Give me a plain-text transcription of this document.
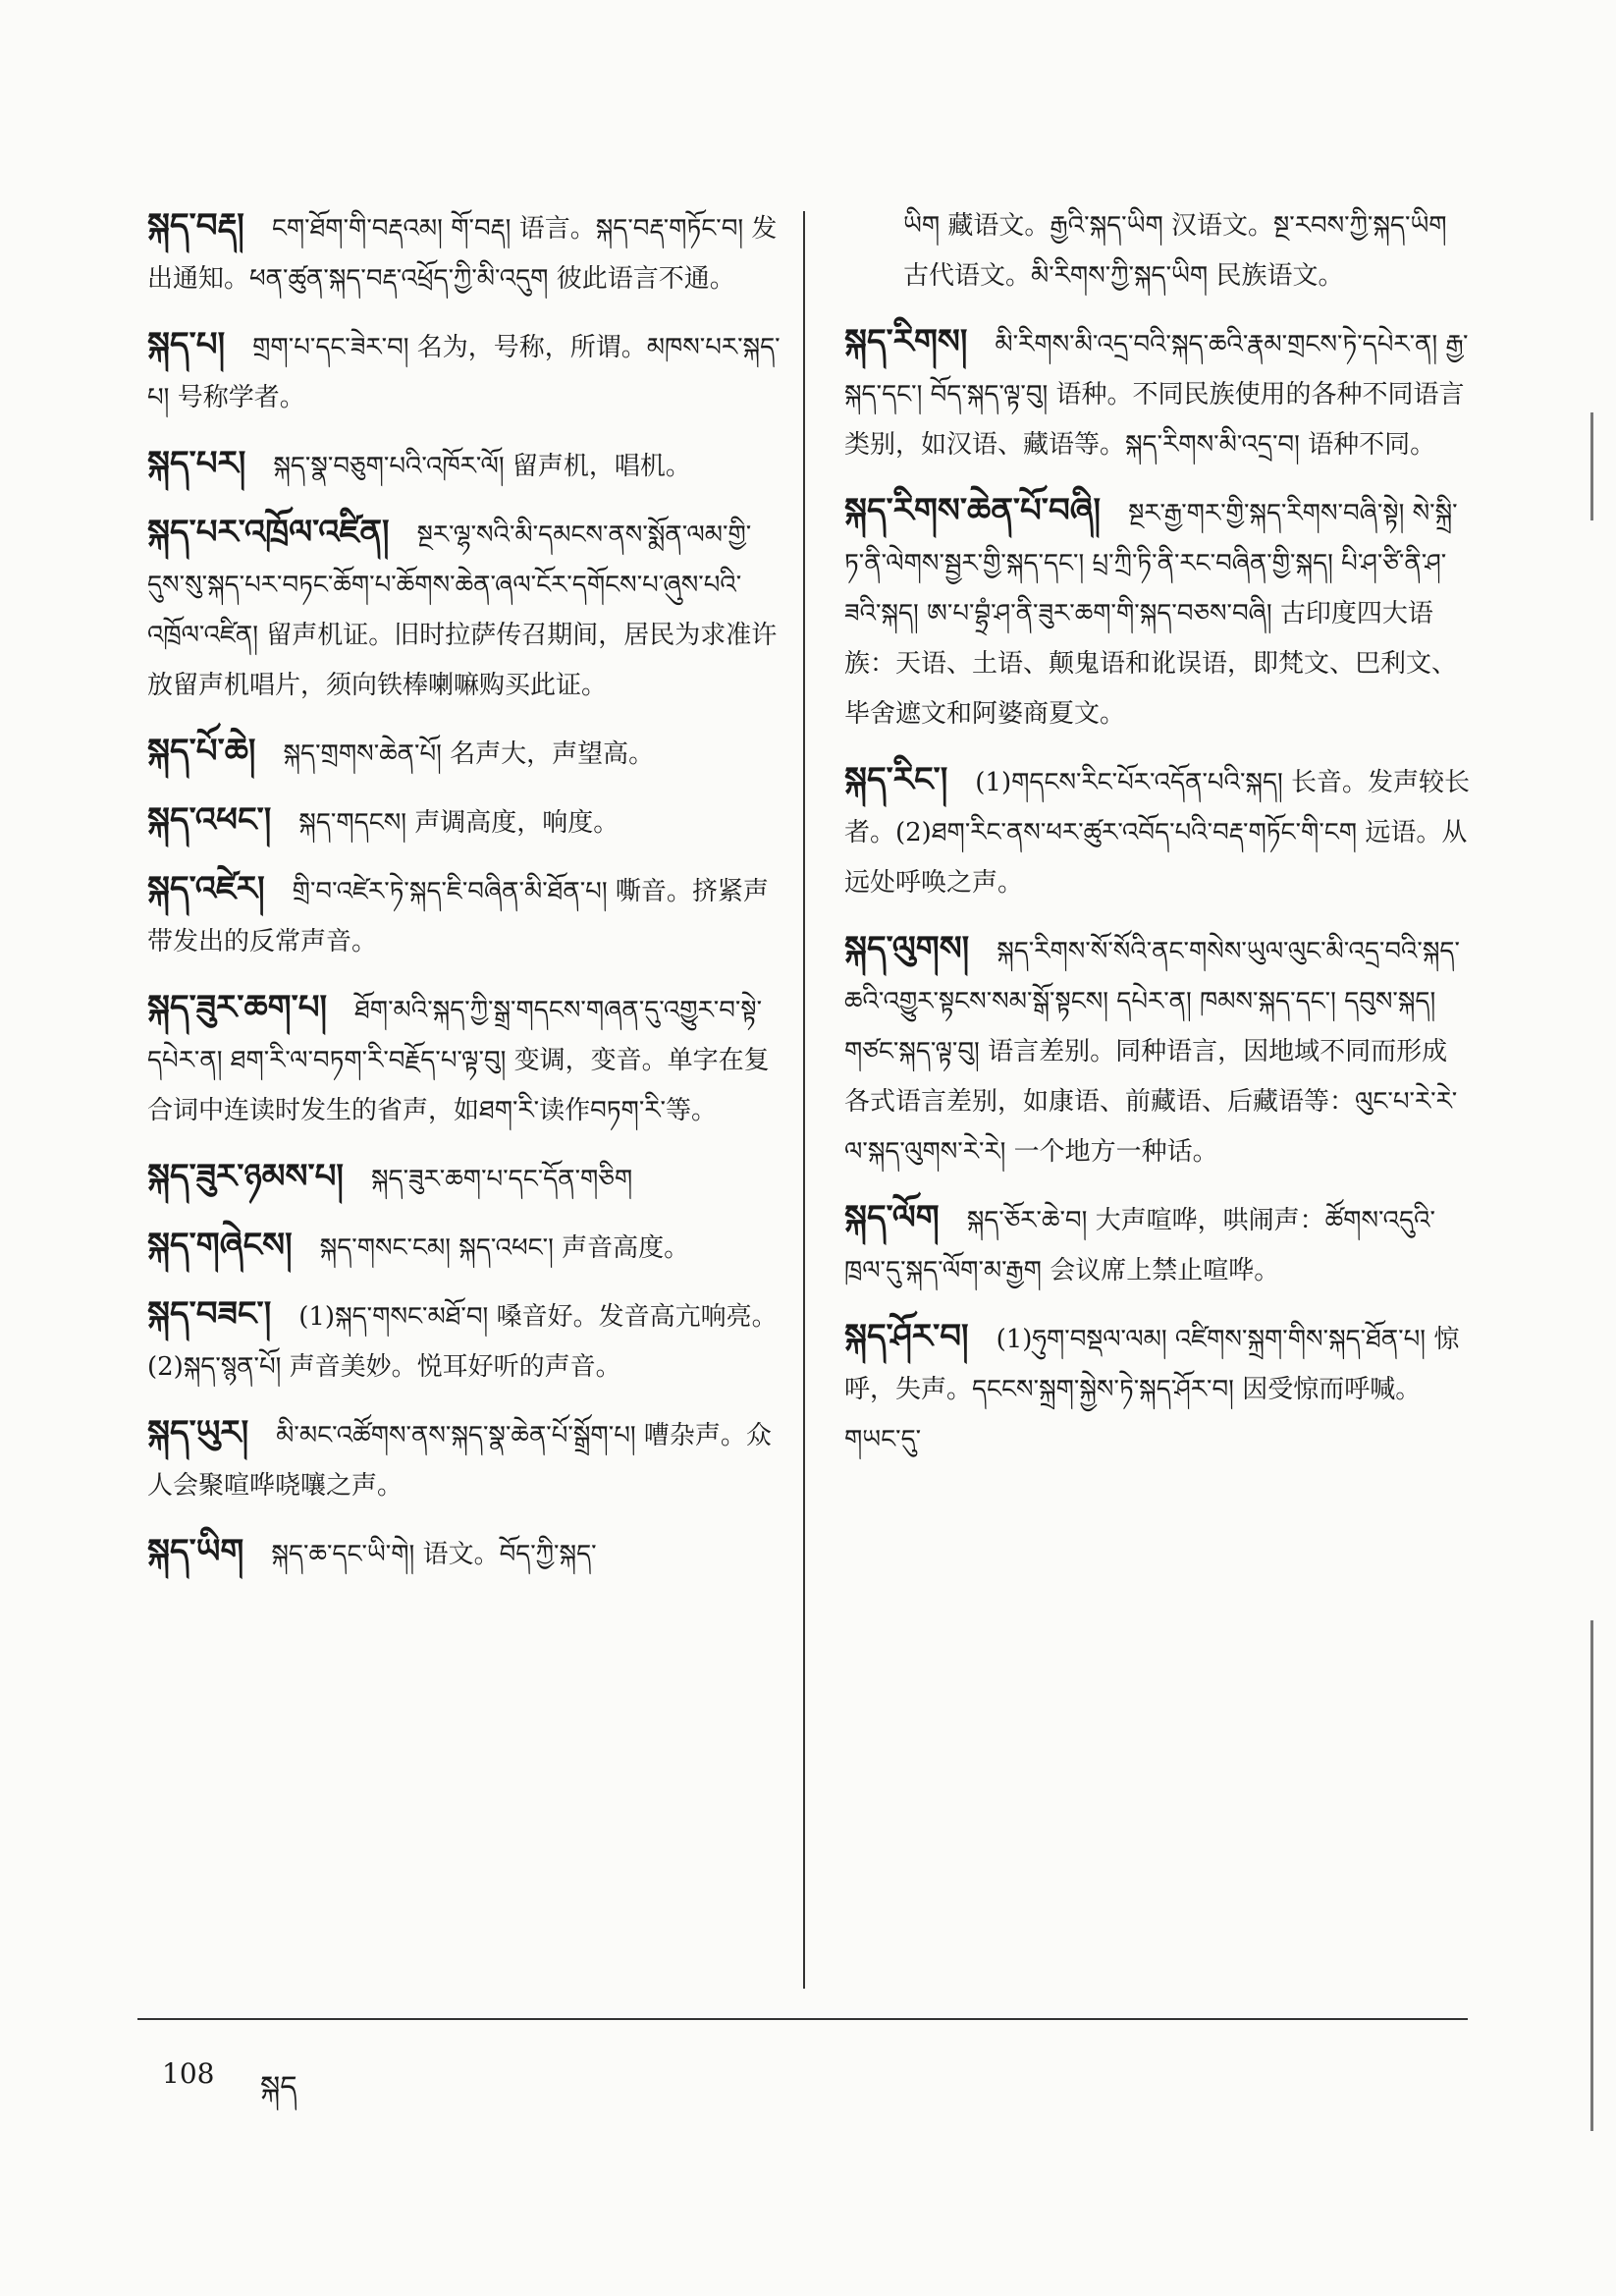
སྐད་བརྡ། ངག་ཐོག་གི་བརྡའམ། གོ་བརྡ། 语言。སྐད་བརྡ་གཏོང་བ། 发出通知。ཕན་ཚུན་སྐད་བརྡ་འཕྲོད་ཀྱི་མི་འདུག 彼此语言不通。

སྐད་པ། གྲག་པ་དང་ཟེར་བ། 名为，号称，所谓。མཁས་པར་སྐད་པ། 号称学者。

སྐད་པར། སྐད་སྣ་བཅུག་པའི་འཁོར་ལོ། 留声机，唱机。

སྐད་པར་འཁྲོལ་འཛིན། སྔར་ལྷ་སའི་མི་དམངས་ནས་སྨོན་ལམ་གྱི་དུས་སུ་སྐད་པར་བཏང་ཆོག་པ་ཆོགས་ཆེན་ཞལ་ངོར་དགོངས་པ་ཞུས་པའི་འཁྲོལ་འཛིན། 留声机证。旧时拉萨传召期间，居民为求准许放留声机唱片，须向铁棒喇嘛购买此证。

སྐད་པོ་ཆེ། སྐད་གྲགས་ཆེན་པོ། 名声大，声望高。

སྐད་འཕང་། སྐད་གདངས། 声调高度，响度。

སྐད་འཛེར། གྲི་བ་འཛེར་ཏེ་སྐད་ཇི་བཞིན་མི་ཐོན་པ། 嘶音。挤紧声带发出的反常声音。

སྐད་ཟུར་ཆག་པ། ཐོག་མའི་སྐད་ཀྱི་སྒྲ་གདངས་གཞན་དུ་འགྱུར་བ་སྟེ་དཔེར་ན། ཐག་རི་ལ་བཏག་རི་བརྗོད་པ་ལྟ་བུ། 变调，变音。单字在复合词中连读时发生的省声，如ཐག་རི་读作བཏག་རི་等。

སྐད་ཟུར་ཉམས་པ། སྐད་ཟུར་ཆག་པ་དང་དོན་གཅིག

སྐད་གཞེངས། སྐད་གསང་ངམ། སྐད་འཕང་། 声音高度。

སྐད་བཟང་། (1)སྐད་གསང་མཐོ་བ། 嗓音好。发音高亢响亮。(2)སྐད་སྙན་པོ། 声音美妙。悦耳好听的声音。

སྐད་ཡུར། མི་མང་འཚོགས་ནས་སྐད་སྣ་ཆེན་པོ་སྒྲོག་པ། 嘈杂声。众人会聚喧哗哓嚷之声。

སྐད་ཡིག སྐད་ཆ་དང་ཡི་གེ། 语文。བོད་ཀྱི་སྐད་

ཡིག 藏语文。རྒྱའི་སྐད་ཡིག 汉语文。སྔ་རབས་ཀྱི་སྐད་ཡིག 古代语文。མི་རིགས་ཀྱི་སྐད་ཡིག 民族语文。

སྐད་རིགས། མི་རིགས་མི་འདྲ་བའི་སྐད་ཆའི་རྣམ་གྲངས་ཏེ་དཔེར་ན། རྒྱ་སྐད་དང་། བོད་སྐད་ལྟ་བུ། 语种。不同民族使用的各种不同语言类别，如汉语、藏语等。སྐད་རིགས་མི་འདྲ་བ། 语种不同。

སྐད་རིགས་ཆེན་པོ་བཞི། སྔར་རྒྱ་གར་གྱི་སྐད་རིགས་བཞི་སྟེ། སེ་སྐྲི་ཏ་ནི་ལེགས་སྦྱར་གྱི་སྐད་དང་། པྲ་ཀྲི་ཏི་ནི་རང་བཞིན་གྱི་སྐད། པི་ཤ་ཙི་ནི་ཤ་ཟའི་སྐད། ཨ་པ་བྷྲཾ་ཤ་ནི་ཟུར་ཆག་གི་སྐད་བཅས་བཞི། 古印度四大语族：天语、土语、颠鬼语和讹误语，即梵文、巴利文、毕舍遮文和阿婆商夏文。

སྐད་རིང་། (1)གདངས་རིང་པོར་འདོན་པའི་སྐད། 长音。发声较长者。(2)ཐག་རིང་ནས་ཕར་ཚུར་འབོད་པའི་བརྡ་གཏོང་གི་ངག 远语。从远处呼唤之声。

སྐད་ལུགས། སྐད་རིགས་སོ་སོའི་ནང་གསེས་ཡུལ་ལུང་མི་འདྲ་བའི་སྐད་ཆའི་འགྱུར་སྟངས་སམ་སྒོ་སྟངས། དཔེར་ན། ཁམས་སྐད་དང་། དབུས་སྐད། གཙང་སྐད་ལྟ་བུ། 语言差别。同种语言，因地域不同而形成各式语言差别，如康语、前藏语、后藏语等：ལུང་པ་རེ་རེ་ལ་སྐད་ལུགས་རེ་རེ། 一个地方一种话。

སྐད་ལོག སྐད་ཅོར་ཆེ་བ། 大声喧哗，哄闹声：ཚོགས་འདུའི་ཁྲལ་དུ་སྐད་ལོག་མ་རྒྱག 会议席上禁止喧哗。

སྐད་ཤོར་བ། (1)ཧུག་བསྡལ་ལམ། འཛིགས་སྐྲག་གིས་སྐད་ཐོན་པ། 惊呼，失声。དངངས་སྐྲག་སྐྱེས་ཏེ་སྐད་ཤོར་བ། 因受惊而呼喊。གཡང་དུ་

108 སྐད
